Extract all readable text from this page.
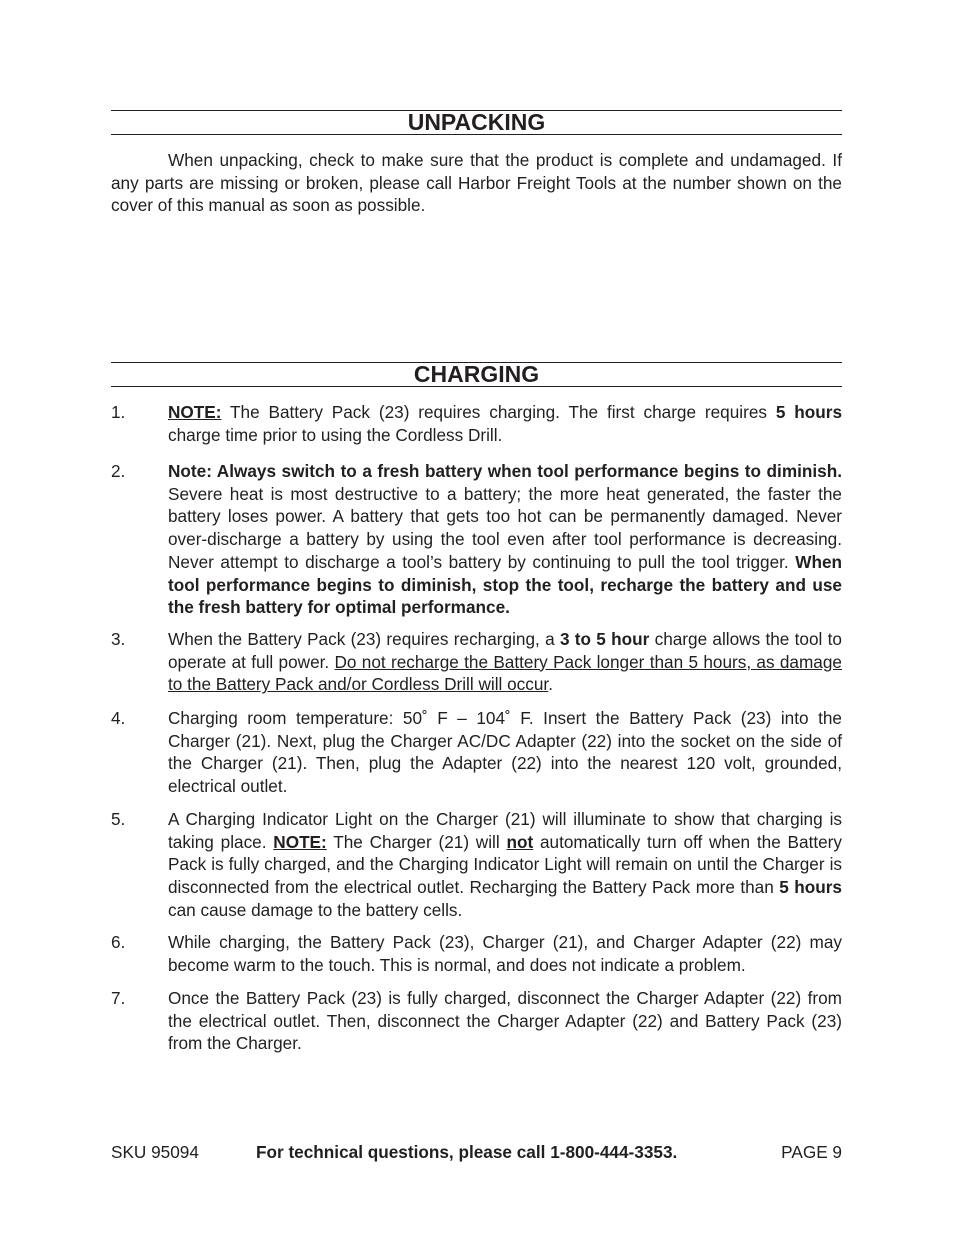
UNPACKING
When unpacking, check to make sure that the product is complete and undamaged. If any parts are missing or broken, please call Harbor Freight Tools at the number shown on the cover of this manual as soon as possible.
CHARGING
1.	NOTE: The Battery Pack (23) requires charging. The first charge requires 5 hours charge time prior to using the Cordless Drill.
2.	Note: Always switch to a fresh battery when tool performance begins to diminish. Severe heat is most destructive to a battery; the more heat generated, the faster the battery loses power. A battery that gets too hot can be permanently damaged. Never over-discharge a battery by using the tool even after tool performance is decreasing. Never attempt to discharge a tool’s battery by continuing to pull the tool trigger. When tool performance begins to diminish, stop the tool, recharge the battery and use the fresh battery for optimal performance.
3.	When the Battery Pack (23) requires recharging, a 3 to 5 hour charge allows the tool to operate at full power. Do not recharge the Battery Pack longer than 5 hours, as damage to the Battery Pack and/or Cordless Drill will occur.
4.	Charging room temperature: 50˚ F – 104˚ F. Insert the Battery Pack (23) into the Charger (21). Next, plug the Charger AC/DC Adapter (22) into the socket on the side of the Charger (21). Then, plug the Adapter (22) into the nearest 120 volt, grounded, electrical outlet.
5.	A Charging Indicator Light on the Charger (21) will illuminate to show that charging is taking place. NOTE: The Charger (21) will not automatically turn off when the Battery Pack is fully charged, and the Charging Indicator Light will remain on until the Charger is disconnected from the electrical outlet. Recharging the Battery Pack more than 5 hours can cause damage to the battery cells.
6.	While charging, the Battery Pack (23), Charger (21), and Charger Adapter (22) may become warm to the touch. This is normal, and does not indicate a problem.
7.	Once the Battery Pack (23) is fully charged, disconnect the Charger Adapter (22) from the electrical outlet. Then, disconnect the Charger Adapter (22) and Battery Pack (23) from the Charger.
SKU 95094	For technical questions, please call 1-800-444-3353.	PAGE 9
